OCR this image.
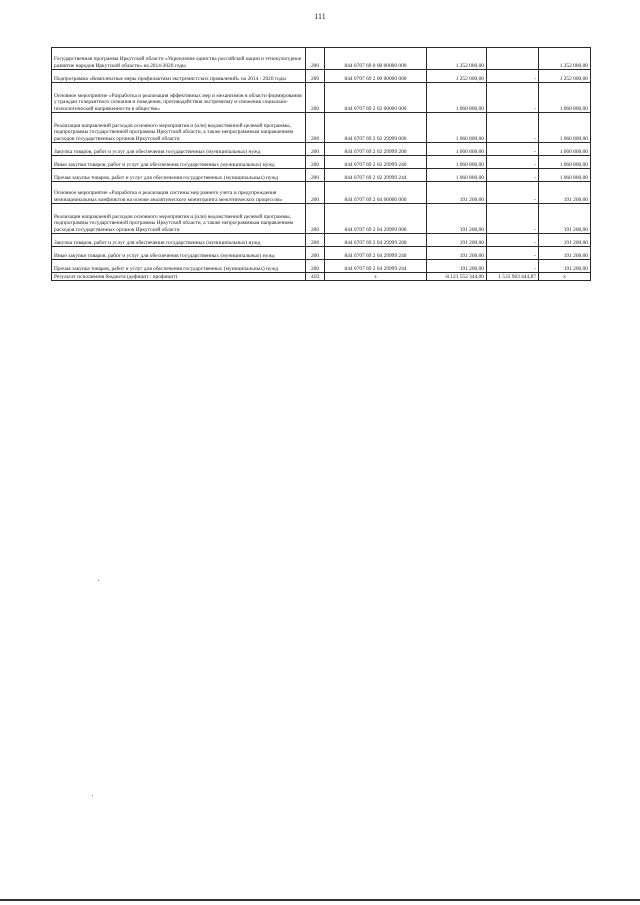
111
Государственная программа Иркутской области «Укрепление единства российской нации и этнокультурное развитие народов Иркутской области» на 2014-2020 годы	200	844 0707 69 0 00 00000 000	1 252 000,00		1 252 000,00
Подпрограмма «Комплексные меры профилактики экстремистских проявлений» на 2014 - 2020 годы	200	844 0707 69 2 00 00000 000	1 252 000,00	-	1 252 000,00
Основное мероприятие «Разработка и реализация эффективных мер и механизмов в области формирования у граждан толерантного сознания и поведения, противодействия экстремизму и снижения социально-психологической напряженности в обществе»	200	844 0707 69 2 02 00000 000	1 060 800,00	-	1 060 800,00
Реализация направлений расходов основного мероприятия и (или) ведомственной целевой программы, подпрограммы государственной программы Иркутской области, а также непрограммным направлениям расходов государственных органов Иркутской области	200	844 0707 69 2 02 29999 000	1 060 800,00	-	1 060 800,00
Закупка товаров, работ и услуг для обеспечения государственных (муниципальных) нужд	200	844 0707 69 2 02 29999 200	1 060 800,00	-	1 060 800,00
Иные закупки товаров, работ и услуг для обеспечения государственных (муниципальных) нужд	200	844 0707 69 2 02 29999 240	1 060 800,00	-	1 060 800,00
Прочая закупка товаров, работ и услуг для обеспечения государственных (муниципальных) нужд	200	844 0707 69 2 02 29999 244	1 060 800,00	-	1 060 800,00
Основное мероприятие «Разработка и реализация системы мер раннего учета и предупреждения межнациональных конфликтов на основе аналитического мониторинга межэтнических процессов»	200	844 0707 69 2 04 00000 000	191 200,00	-	191 200,00
Реализация направлений расходов основного мероприятия и (или) ведомственной целевой программы, подпрограммы государственной программы Иркутской области, а также непрограммным направлениям расходов государственных органов Иркутской области	200	844 0707 69 2 04 29999 000	191 200,00	-	191 200,00
Закупка товаров, работ и услуг для обеспечения государственных (муниципальных) нужд	200	844 0707 69 2 04 29999 200	191 200,00	-	191 200,00
Иные закупки товаров, работ и услуг для обеспечения государственных (муниципальных) нужд	200	844 0707 69 2 04 29999 240	191 200,00	-	191 200,00
Прочая закупка товаров, работ и услуг для обеспечения государственных (муниципальных) нужд	200	844 0707 69 2 04 29999 244	191 200,00	-	191 200,00
Результат исполнения бюджета (дефицит / профицит)	450	x	-8 121 552 344,00	1 535 963 444,87	x
